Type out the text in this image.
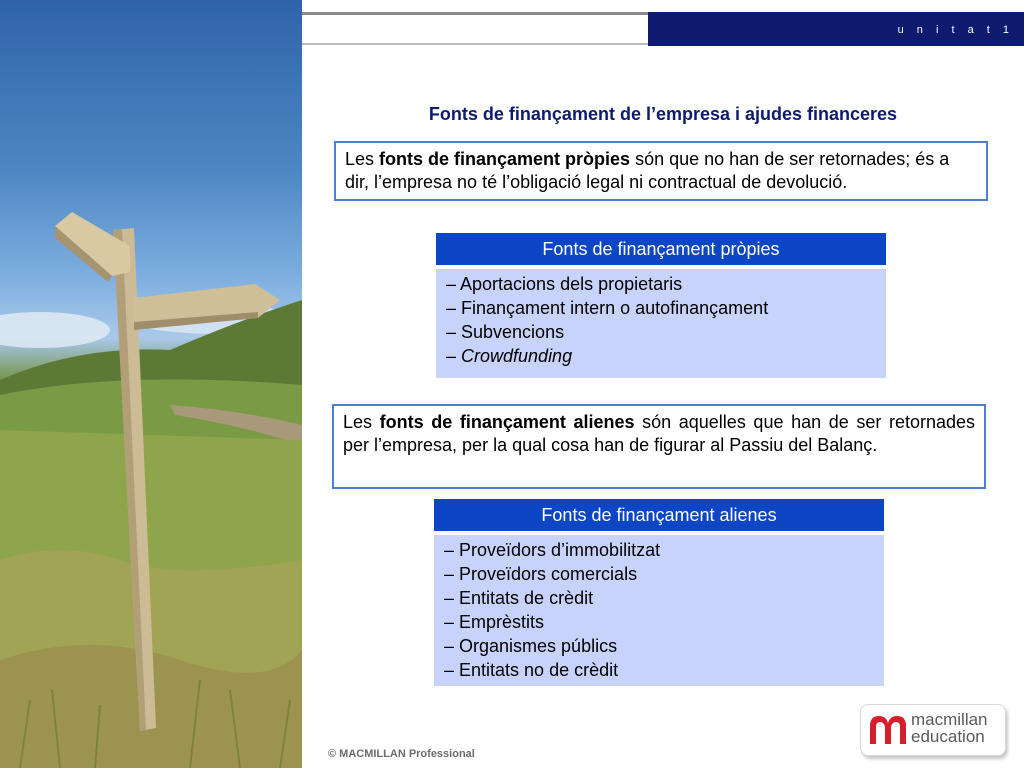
u n i t a t 1
Fonts de finançament de l’empresa i ajudes financeres
Les fonts de finançament pròpies són que no han de ser retornades; és a dir, l’empresa no té l’obligació legal ni contractual de devolució.
Fonts de finançament pròpies
– Aportacions dels propietaris
– Finançament intern o autofinançament
– Subvencions
– Crowdfunding
Les fonts de finançament alienes són aquelles que han de ser retornades per l’empresa, per la qual cosa han de figurar al Passiu del Balanç.
Fonts de finançament alienes
– Proveïdors d’immobilitzat
– Proveïdors comercials
– Entitats de crèdit
– Emprèstits
– Organismes públics
– Entitats no de crèdit
© MACMILLAN Professional
macmillan
education
